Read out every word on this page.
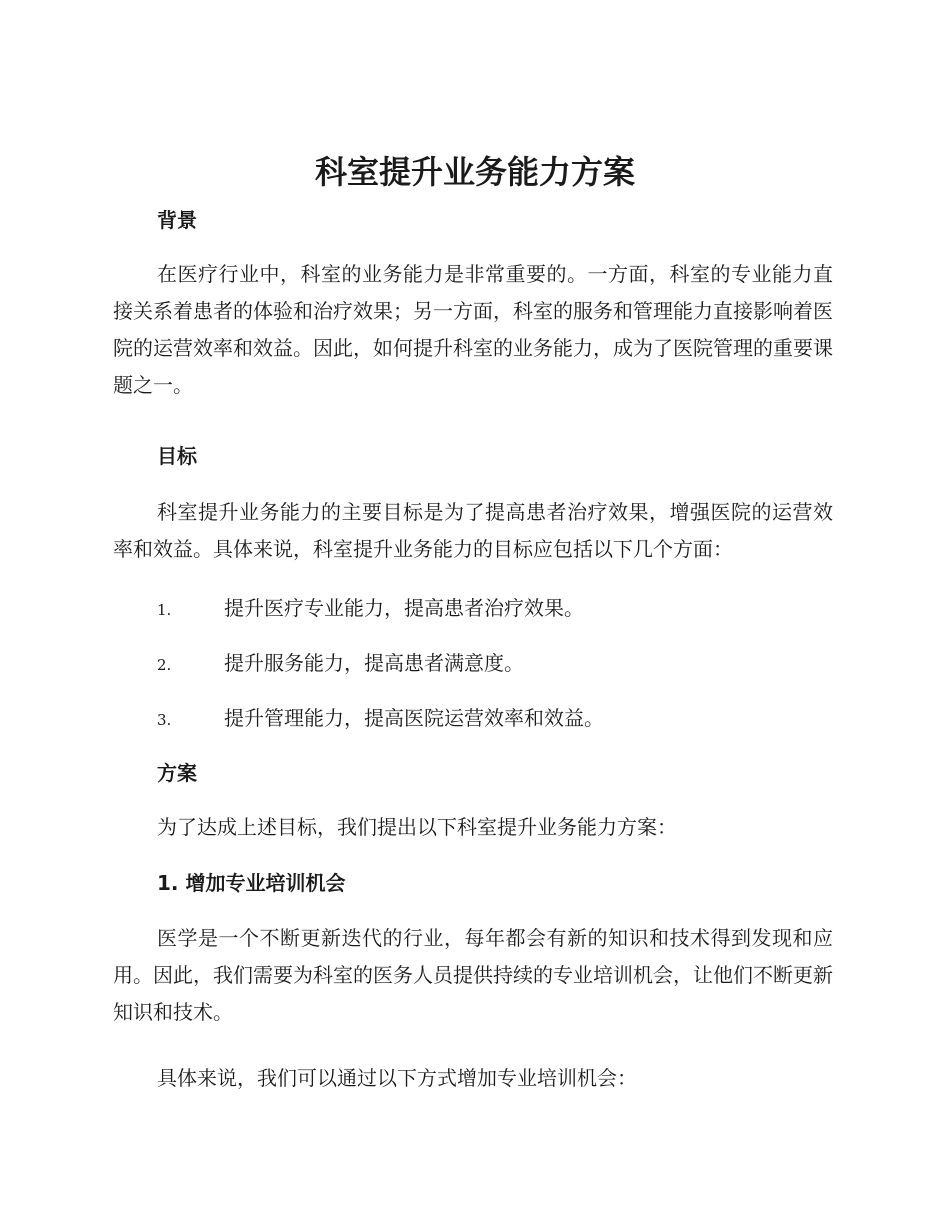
科室提升业务能力方案
背景

在医疗行业中，科室的业务能力是非常重要的。一方面，科室的专业能力直接关系着患者的体验和治疗效果；另一方面，科室的服务和管理能力直接影响着医院的运营效率和效益。因此，如何提升科室的业务能力，成为了医院管理的重要课题之一。

目标

科室提升业务能力的主要目标是为了提高患者治疗效果，增强医院的运营效率和效益。具体来说，科室提升业务能力的目标应包括以下几个方面：

1.	提升医疗专业能力，提高患者治疗效果。
2.	提升服务能力，提高患者满意度。
3.	提升管理能力，提高医院运营效率和效益。
方案

为了达成上述目标，我们提出以下科室提升业务能力方案：

1. 增加专业培训机会

医学是一个不断更新迭代的行业，每年都会有新的知识和技术得到发现和应用。因此，我们需要为科室的医务人员提供持续的专业培训机会，让他们不断更新知识和技术。

具体来说，我们可以通过以下方式增加专业培训机会：
